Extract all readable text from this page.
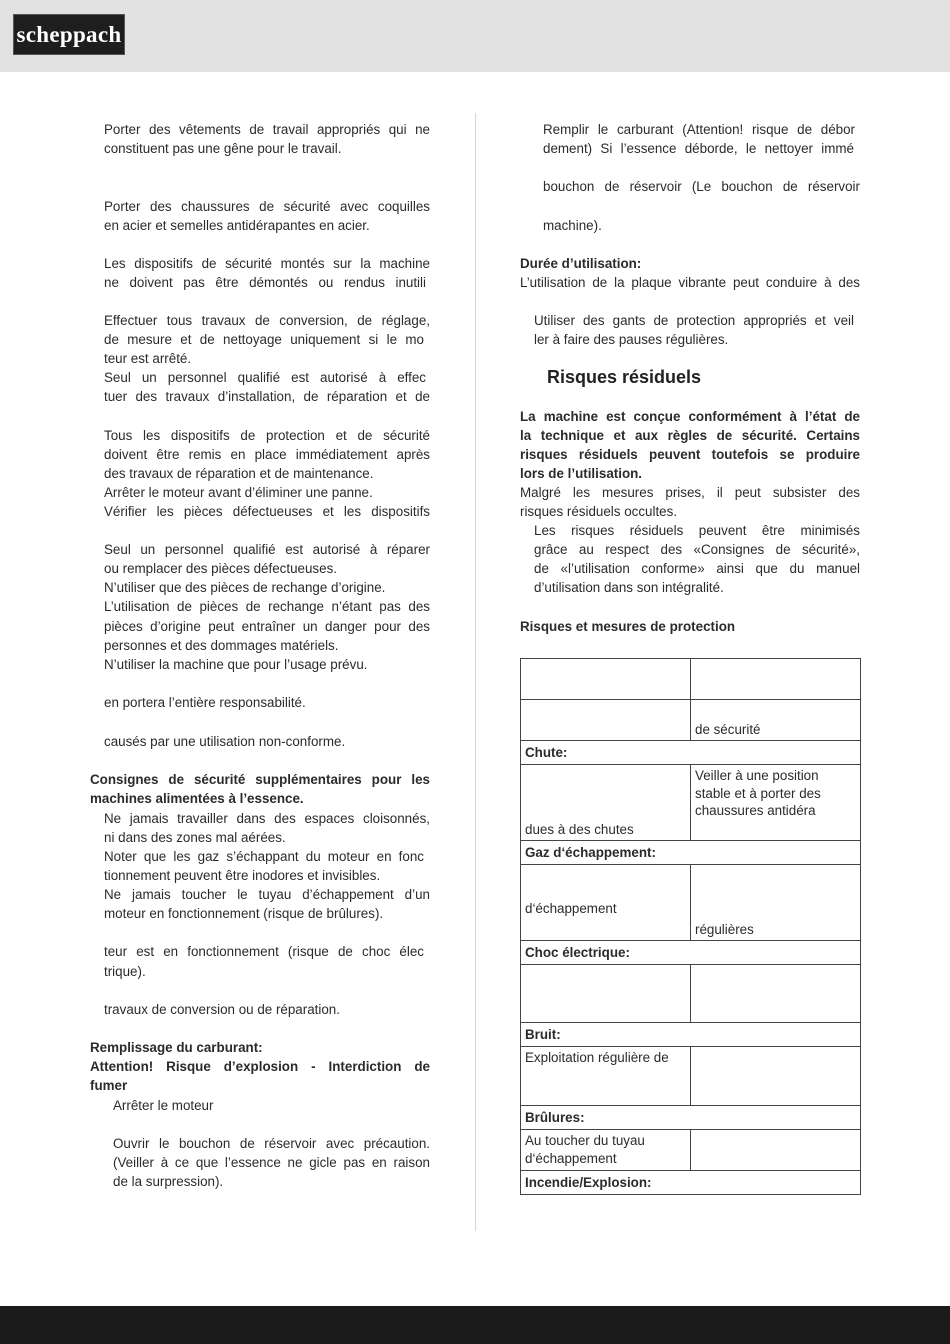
scheppach
Porter des vêtements de travail appropriés qui ne
constituent pas une gêne pour le travail.
Porter des chaussures de sécurité avec coquilles
en acier et semelles antidérapantes en acier.
Les dispositifs de sécurité montés sur la machine
ne doivent pas être démontés ou rendus inutili
Effectuer tous travaux de conversion, de réglage,
de mesure et de nettoyage uniquement si le mo
teur est arrêté.
Seul un personnel qualifié est autorisé à effec
tuer des travaux d’installation, de réparation et de
Tous les dispositifs de protection et de sécurité
doivent être remis en place immédiatement après
des travaux de réparation et de maintenance.
Arrêter le moteur avant d’éliminer une panne.
Vérifier les pièces défectueuses et les dispositifs
Seul un personnel qualifié est autorisé à réparer
ou remplacer des pièces défectueuses.
N’utiliser que des pièces de rechange d’origine.
L’utilisation de pièces de rechange n’étant pas des
pièces d’origine peut entraîner un danger pour des
personnes et des dommages matériels.
N’utiliser la machine que pour l’usage prévu.
en portera l’entière responsabilité.
causés par une utilisation non-conforme.
Consignes de sécurité supplémentaires pour les
machines alimentées à l’essence.
Ne jamais travailler dans des espaces cloisonnés,
ni dans des zones mal aérées.
Noter que les gaz s’échappant du moteur en fonc
tionnement peuvent être inodores et invisibles.
Ne jamais toucher le tuyau d’échappement d’un
moteur en fonctionnement (risque de brûlures).
teur est en fonctionnement (risque de choc élec
trique).
travaux de conversion ou de réparation.
Remplissage du carburant:
Attention! Risque d’explosion - Interdiction de
fumer
Arrêter le moteur
Ouvrir le bouchon de réservoir avec précaution.
(Veiller à ce que l’essence ne gicle pas en raison
de la surpression).
Remplir le carburant (Attention! risque de débor
dement) Si l’essence déborde, le nettoyer immé
bouchon de réservoir (Le bouchon de réservoir
machine).
Durée d’utilisation:
L’utilisation de la plaque vibrante peut conduire à des
Utiliser des gants de protection appropriés et veil
ler à faire des pauses régulières.
Risques résiduels
La machine est conçue conformément à l’état de
la technique et aux règles de sécurité. Certains
risques résiduels peuvent toutefois se produire
lors de l’utilisation.
Malgré les mesures prises, il peut subsister des
risques résiduels occultes.
Les risques résiduels peuvent être minimisés
grâce au respect des «Consignes de sécurité»,
de «l’utilisation conforme» ainsi que du manuel
d’utilisation dans son intégralité.
Risques et mesures de protection

	de sécurité
Chute:	
dues à des chutes	Veiller à une position
stable et à porter des
chaussures antidéra

Gaz d‘échappement:	
d‘échappement	régulières
Choc électrique:	

Bruit:	
Exploitation régulière de	
Brûlures:	

Au toucher du tuyau
d‘échappement	

Incendie/Explosion:	
